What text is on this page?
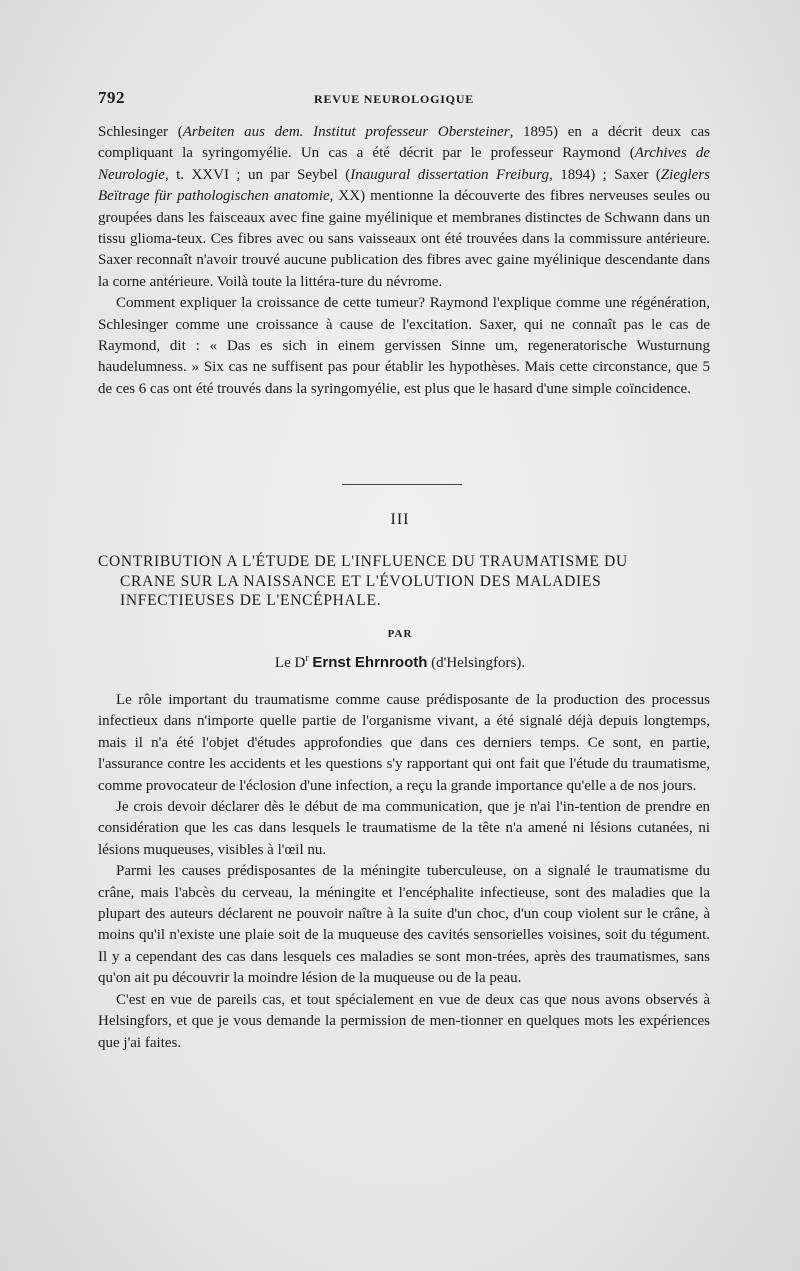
792	REVUE NEUROLOGIQUE

Schlesinger (Arbeiten aus dem. Institut professeur Obersteiner, 1895) en a décrit deux cas compliquant la syringomyélie. Un cas a été décrit par le professeur Raymond (Archives de Neurologie, t. XXVI ; un par Seybel (Inaugural dissertation Freiburg, 1894) ; Saxer (Zieglers Beïtrage für pathologischen anatomie, XX) mentionne la découverte des fibres nerveuses seules ou groupées dans les faisceaux avec fine gaine myélinique et membranes distinctes de Schwann dans un tissu glioma-teux. Ces fibres avec ou sans vaisseaux ont été trouvées dans la commissure antérieure. Saxer reconnaît n'avoir trouvé aucune publication des fibres avec gaine myélinique descendante dans la corne antérieure. Voilà toute la littéra-ture du névrome.

Comment expliquer la croissance de cette tumeur? Raymond l'explique comme une régénération, Schlesinger comme une croissance à cause de l'excitation. Saxer, qui ne connaît pas le cas de Raymond, dit : « Das es sich in einem gervissen Sinne um, regeneratorische Wusturnung haudelumness. » Six cas ne suffisent pas pour établir les hypothèses. Mais cette circonstance, que 5 de ces 6 cas ont été trouvés dans la syringomyélie, est plus que le hasard d'une simple coïncidence.

III
CONTRIBUTION A L'ÉTUDE DE L'INFLUENCE DU TRAUMATISME DU
CRANE SUR LA NAISSANCE ET L'ÉVOLUTION DES MALADIES INFECTIEUSES DE L'ENCÉPHALE.
PAR
Le $D^r$ Ernst Ehrnrooth (d'Helsingfors).

Le rôle important du traumatisme comme cause prédisposante de la production des processus infectieux dans n'importe quelle partie de l'organisme vivant, a été signalé déjà depuis longtemps, mais il n'a été l'objet d'études approfondies que dans ces derniers temps. Ce sont, en partie, l'assurance contre les accidents et les questions s'y rapportant qui ont fait que l'étude du traumatisme, comme provocateur de l'éclosion d'une infection, a reçu la grande importance qu'elle a de nos jours.

Je crois devoir déclarer dès le début de ma communication, que je n'ai l'in-tention de prendre en considération que les cas dans lesquels le traumatisme de la tête n'a amené ni lésions cutanées, ni lésions muqueuses, visibles à l'œil nu.

Parmi les causes prédisposantes de la méningite tuberculeuse, on a signalé le traumatisme du crâne, mais l'abcès du cerveau, la méningite et l'encéphalite infectieuse, sont des maladies que la plupart des auteurs déclarent ne pouvoir naître à la suite d'un choc, d'un coup violent sur le crâne, à moins qu'il n'existe une plaie soit de la muqueuse des cavités sensorielles voisines, soit du tégument. Il y a cependant des cas dans lesquels ces maladies se sont mon-trées, après des traumatismes, sans qu'on ait pu découvrir la moindre lésion de la muqueuse ou de la peau.

C'est en vue de pareils cas, et tout spécialement en vue de deux cas que nous avons observés à Helsingfors, et que je vous demande la permission de men-tionner en quelques mots les expériences que j'ai faites.
